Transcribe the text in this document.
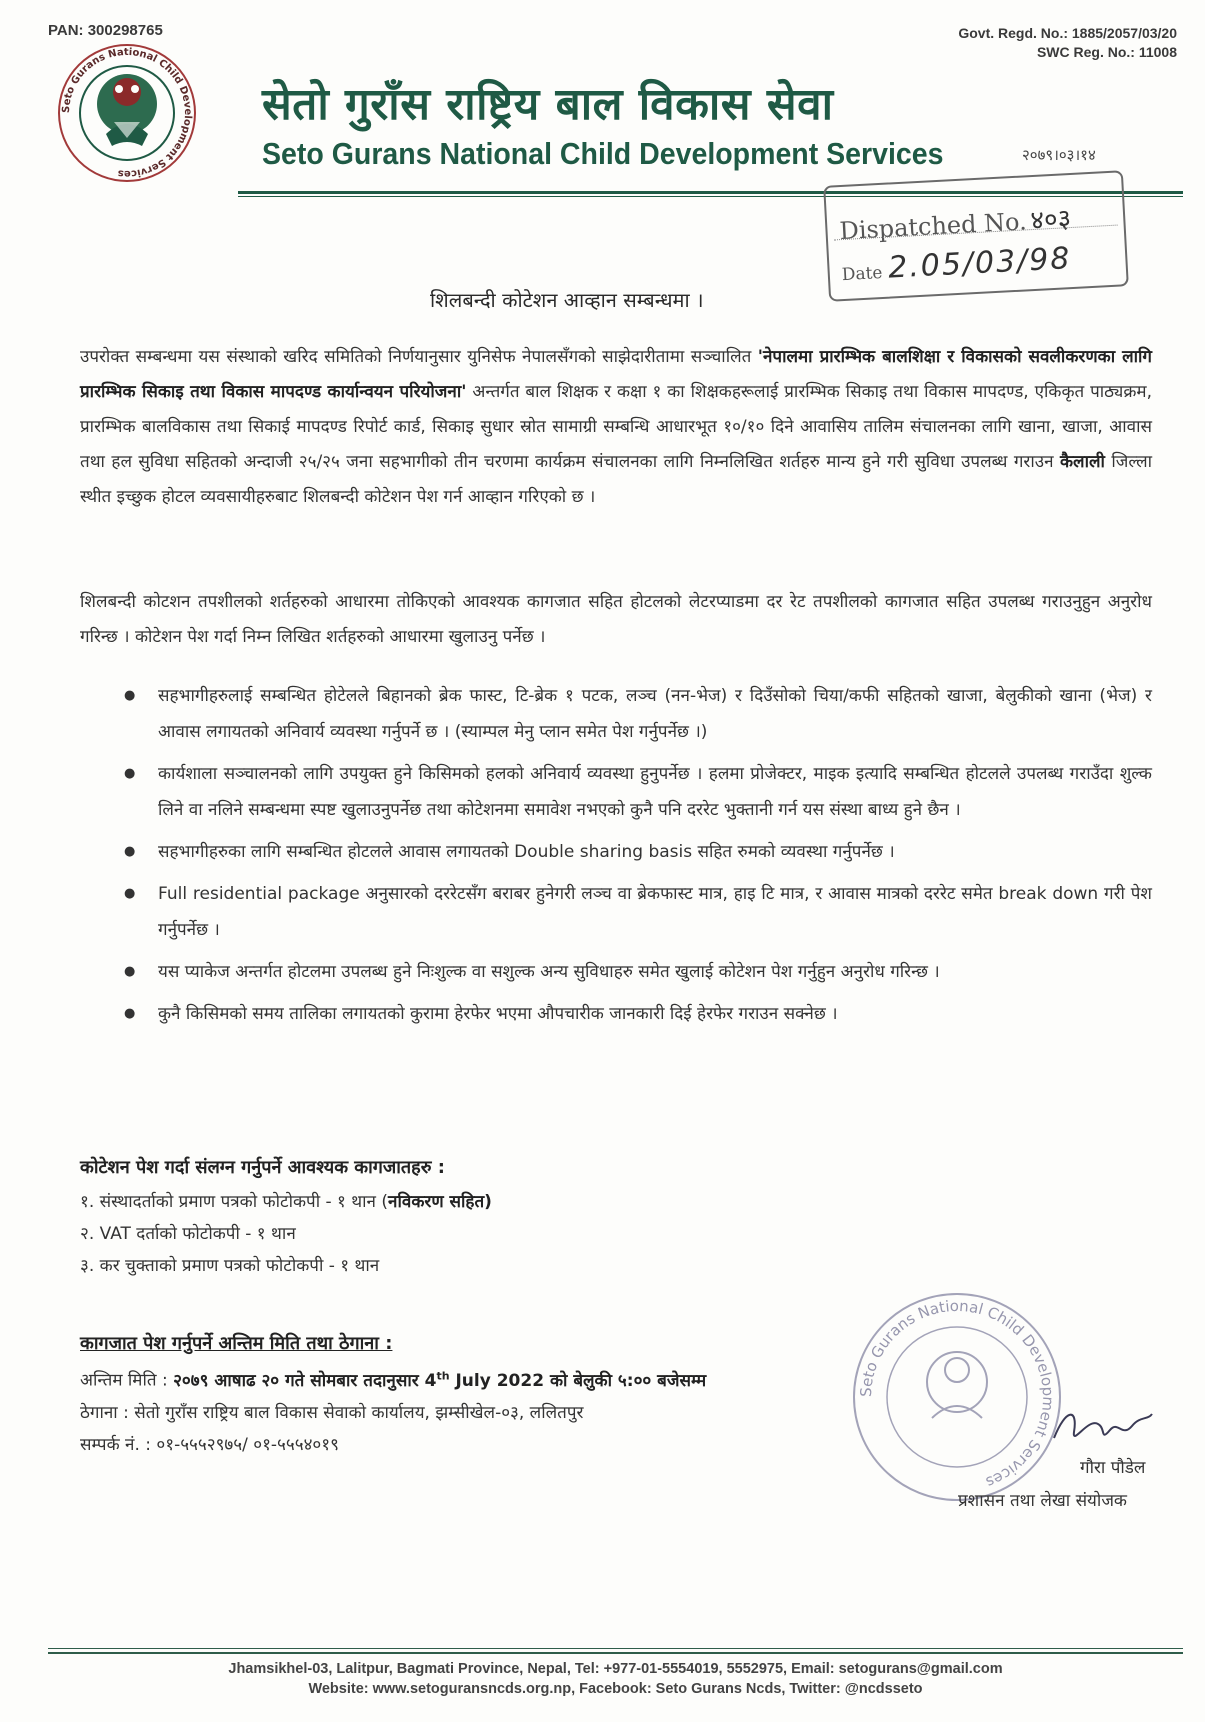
PAN: 300298765	Govt. Regd. No.: 1885/2057/03/20
SWC Reg. No.: 11008
Seto Gurans National Child Development Services
सेतो गुराँस राष्ट्रिय बाल विकास सेवा
Seto Gurans National Child Development Services	२०७९।०३।१४
Dispatched No.४०३
Date 2.05/03/98
शिलबन्दी कोटेशन आव्हान सम्बन्धमा ।
उपरोक्त सम्बन्धमा यस संस्थाको खरिद समितिको निर्णयानुसार युनिसेफ नेपालसँगको साझेदारीतामा सञ्चालित 'नेपालमा प्रारम्भिक बालशिक्षा र विकासको सवलीकरणका लागि प्रारम्भिक सिकाइ तथा विकास मापदण्ड कार्यान्वयन परियोजना' अन्तर्गत बाल शिक्षक र कक्षा १ का शिक्षकहरूलाई प्रारम्भिक सिकाइ तथा विकास मापदण्ड, एकिकृत पाठ्यक्रम, प्रारम्भिक बालविकास तथा सिकाई मापदण्ड रिपोर्ट कार्ड, सिकाइ सुधार स्रोत सामाग्री सम्बन्धि आधारभूत १०/१० दिने आवासिय तालिम संचालनका लागि खाना, खाजा, आवास तथा हल सुविधा सहितको अन्दाजी २५/२५ जना सहभागीको तीन चरणमा कार्यक्रम संचालनका लागि निम्नलिखित शर्तहरु मान्य हुने गरी सुविधा उपलब्ध गराउन कैलाली जिल्ला स्थीत इच्छुक होटल व्यवसायीहरुबाट शिलबन्दी कोटेशन पेश गर्न आव्हान गरिएको छ ।
शिलबन्दी कोटशन तपशीलको शर्तहरुको आधारमा तोकिएको आवश्यक कागजात सहित होटलको लेटरप्याडमा दर रेट तपशीलको कागजात सहित उपलब्ध गराउनुहुन अनुरोध गरिन्छ । कोटेशन पेश गर्दा निम्न लिखित शर्तहरुको आधारमा खुलाउनु पर्नेछ ।
● सहभागीहरुलाई सम्बन्धित होटेलले बिहानको ब्रेक फास्ट, टि-ब्रेक १ पटक, लञ्च (नन-भेज) र दिउँसोको चिया/कफी सहितको खाजा, बेलुकीको खाना (भेज) र आवास लगायतको अनिवार्य व्यवस्था गर्नुपर्ने छ । (स्याम्पल मेनु प्लान समेत पेश गर्नुपर्नेछ ।)
● कार्यशाला सञ्चालनको लागि उपयुक्त हुने किसिमको हलको अनिवार्य व्यवस्था हुनुपर्नेछ । हलमा प्रोजेक्टर, माइक इत्यादि सम्बन्धित होटलले उपलब्ध गराउँदा शुल्क लिने वा नलिने सम्बन्धमा स्पष्ट खुलाउनुपर्नेछ तथा कोटेशनमा समावेश नभएको कुनै पनि दररेट भुक्तानी गर्न यस संस्था बाध्य हुने छैन ।
● सहभागीहरुका लागि सम्बन्धित होटलले आवास लगायतको Double sharing basis सहित रुमको व्यवस्था गर्नुपर्नेछ ।
● Full residential package अनुसारको दररेटसँग बराबर हुनेगरी लञ्च वा ब्रेकफास्ट मात्र, हाइ टि मात्र, र आवास मात्रको दररेट समेत break down गरी पेश गर्नुपर्नेछ ।
● यस प्याकेज अन्तर्गत होटलमा उपलब्ध हुने निःशुल्क वा सशुल्क अन्य सुविधाहरु समेत खुलाई कोटेशन पेश गर्नुहुन अनुरोध गरिन्छ ।
● कुनै किसिमको समय तालिका लगायतको कुरामा हेरफेर भएमा औपचारीक जानकारी दिई हेरफेर गराउन सक्नेछ ।
कोटेशन पेश गर्दा संलग्न गर्नुपर्ने आवश्यक कागजातहरु :
१. संस्थादर्ताको प्रमाण पत्रको फोटोकपी - १ थान (नविकरण सहित)
२. VAT दर्ताको फोटोकपी - १ थान
३. कर चुक्ताको प्रमाण पत्रको फोटोकपी - १ थान
कागजात पेश गर्नुपर्ने अन्तिम मिति तथा ठेगाना :
अन्तिम मिति : २०७९ आषाढ २० गते सोमबार तदानुसार 4th July 2022 को बेलुकी ५:०० बजेसम्म
ठेगाना : सेतो गुराँस राष्ट्रिय बाल विकास सेवाको कार्यालय, झम्सीखेल-०३, ललितपुर
सम्पर्क नं. : ०१-५५५२९७५/ ०१-५५५४०१९
Seto Gurans National Child Development Services
गौरा पौडेल
प्रशासन तथा लेखा संयोजक
Jhamsikhel-03, Lalitpur, Bagmati Province, Nepal, Tel: +977-01-5554019, 5552975, Email: setogurans@gmail.com
Website: www.setoguransncds.org.np, Facebook: Seto Gurans Ncds, Twitter: @ncdsseto
